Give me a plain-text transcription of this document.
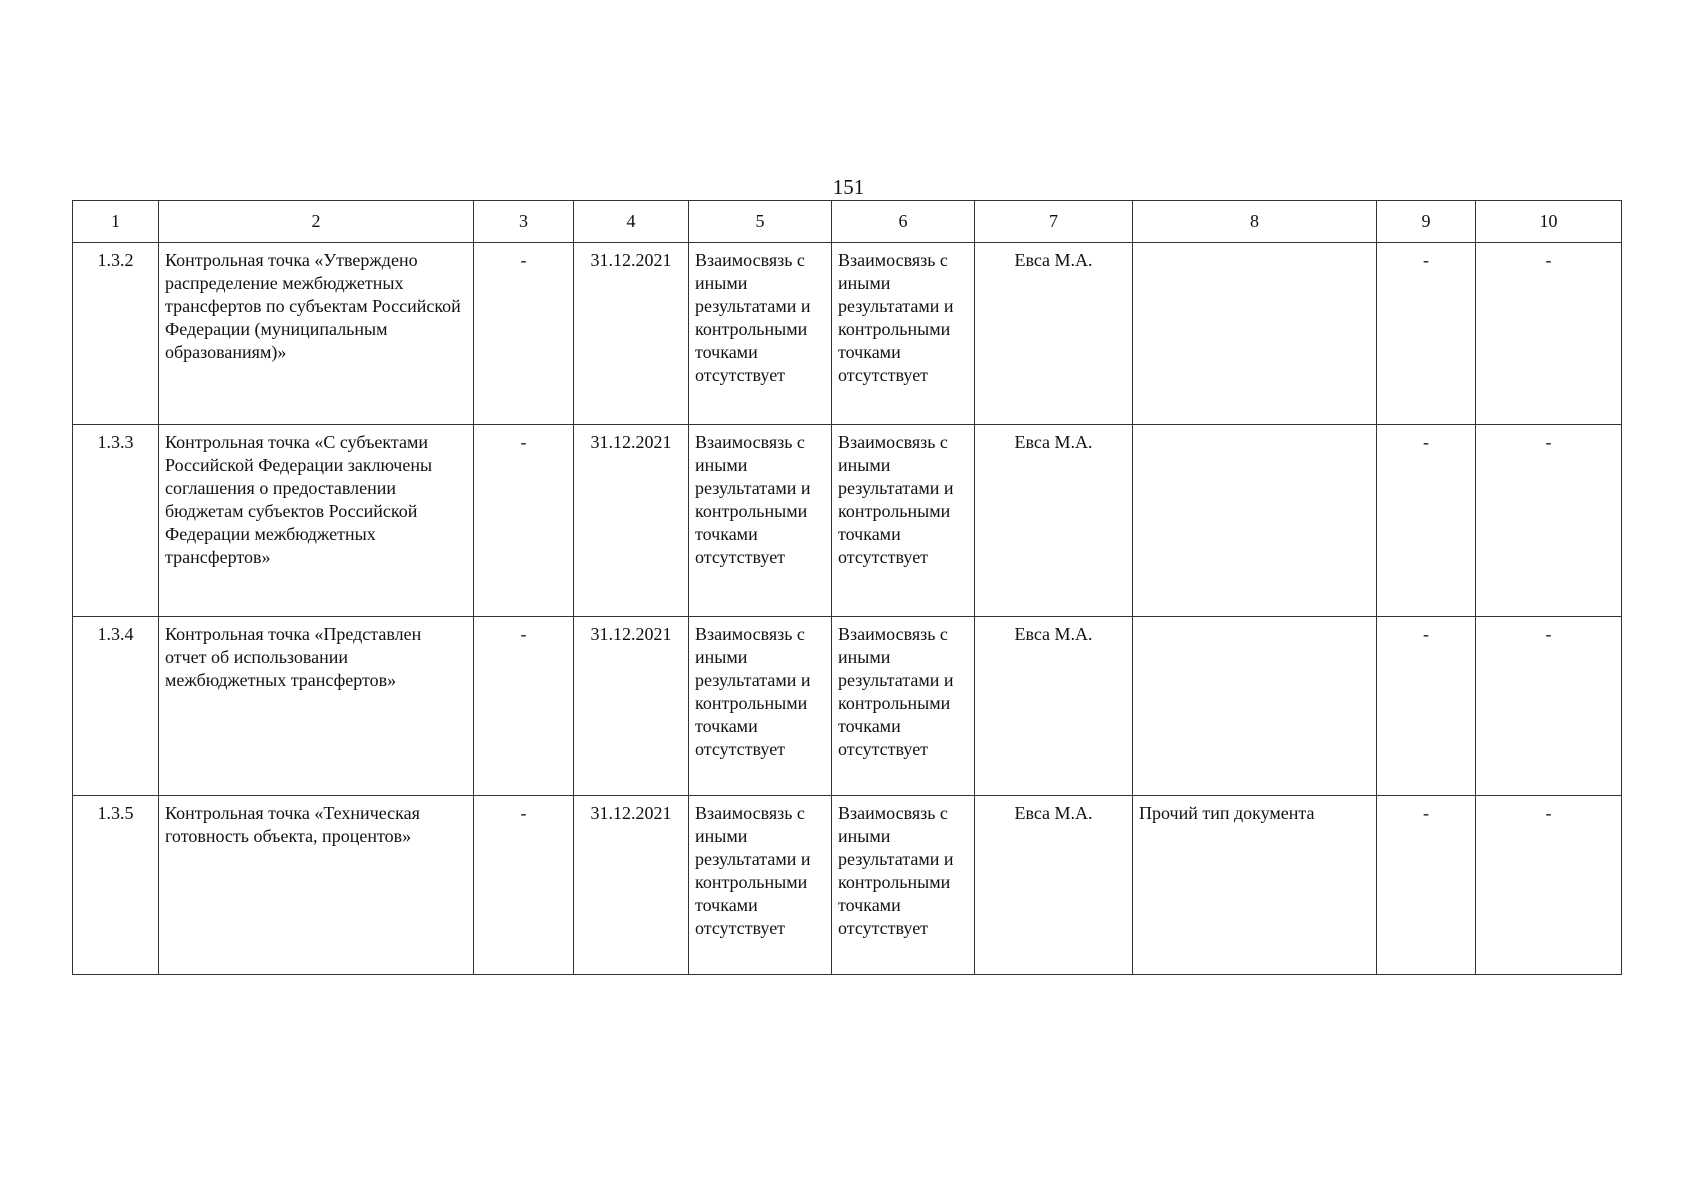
151
1	2	3	4	5	6	7	8	9	10
1.3.2	Контрольная точка «Утверждено распределение межбюджетных трансфертов по субъектам Российской Федерации (муниципальным образованиям)»	-	31.12.2021	Взаимосвязь с иными результатами и контрольными точками отсутствует	Взаимосвязь с иными результатами и контрольными точками отсутствует	Евса М.А.		-	-
1.3.3	Контрольная точка «С субъектами Российской Федерации заключены соглашения о предоставлении бюджетам субъектов Российской Федерации межбюджетных трансфертов»	-	31.12.2021	Взаимосвязь с иными результатами и контрольными точками отсутствует	Взаимосвязь с иными результатами и контрольными точками отсутствует	Евса М.А.		-	-
1.3.4	Контрольная точка «Представлен отчет об использовании межбюджетных трансфертов»	-	31.12.2021	Взаимосвязь с иными результатами и контрольными точками отсутствует	Взаимосвязь с иными результатами и контрольными точками отсутствует	Евса М.А.		-	-
1.3.5	Контрольная точка «Техническая готовность объекта, процентов»	-	31.12.2021	Взаимосвязь с иными результатами и контрольными точками отсутствует	Взаимосвязь с иными результатами и контрольными точками отсутствует	Евса М.А.	Прочий тип документа	-	-
